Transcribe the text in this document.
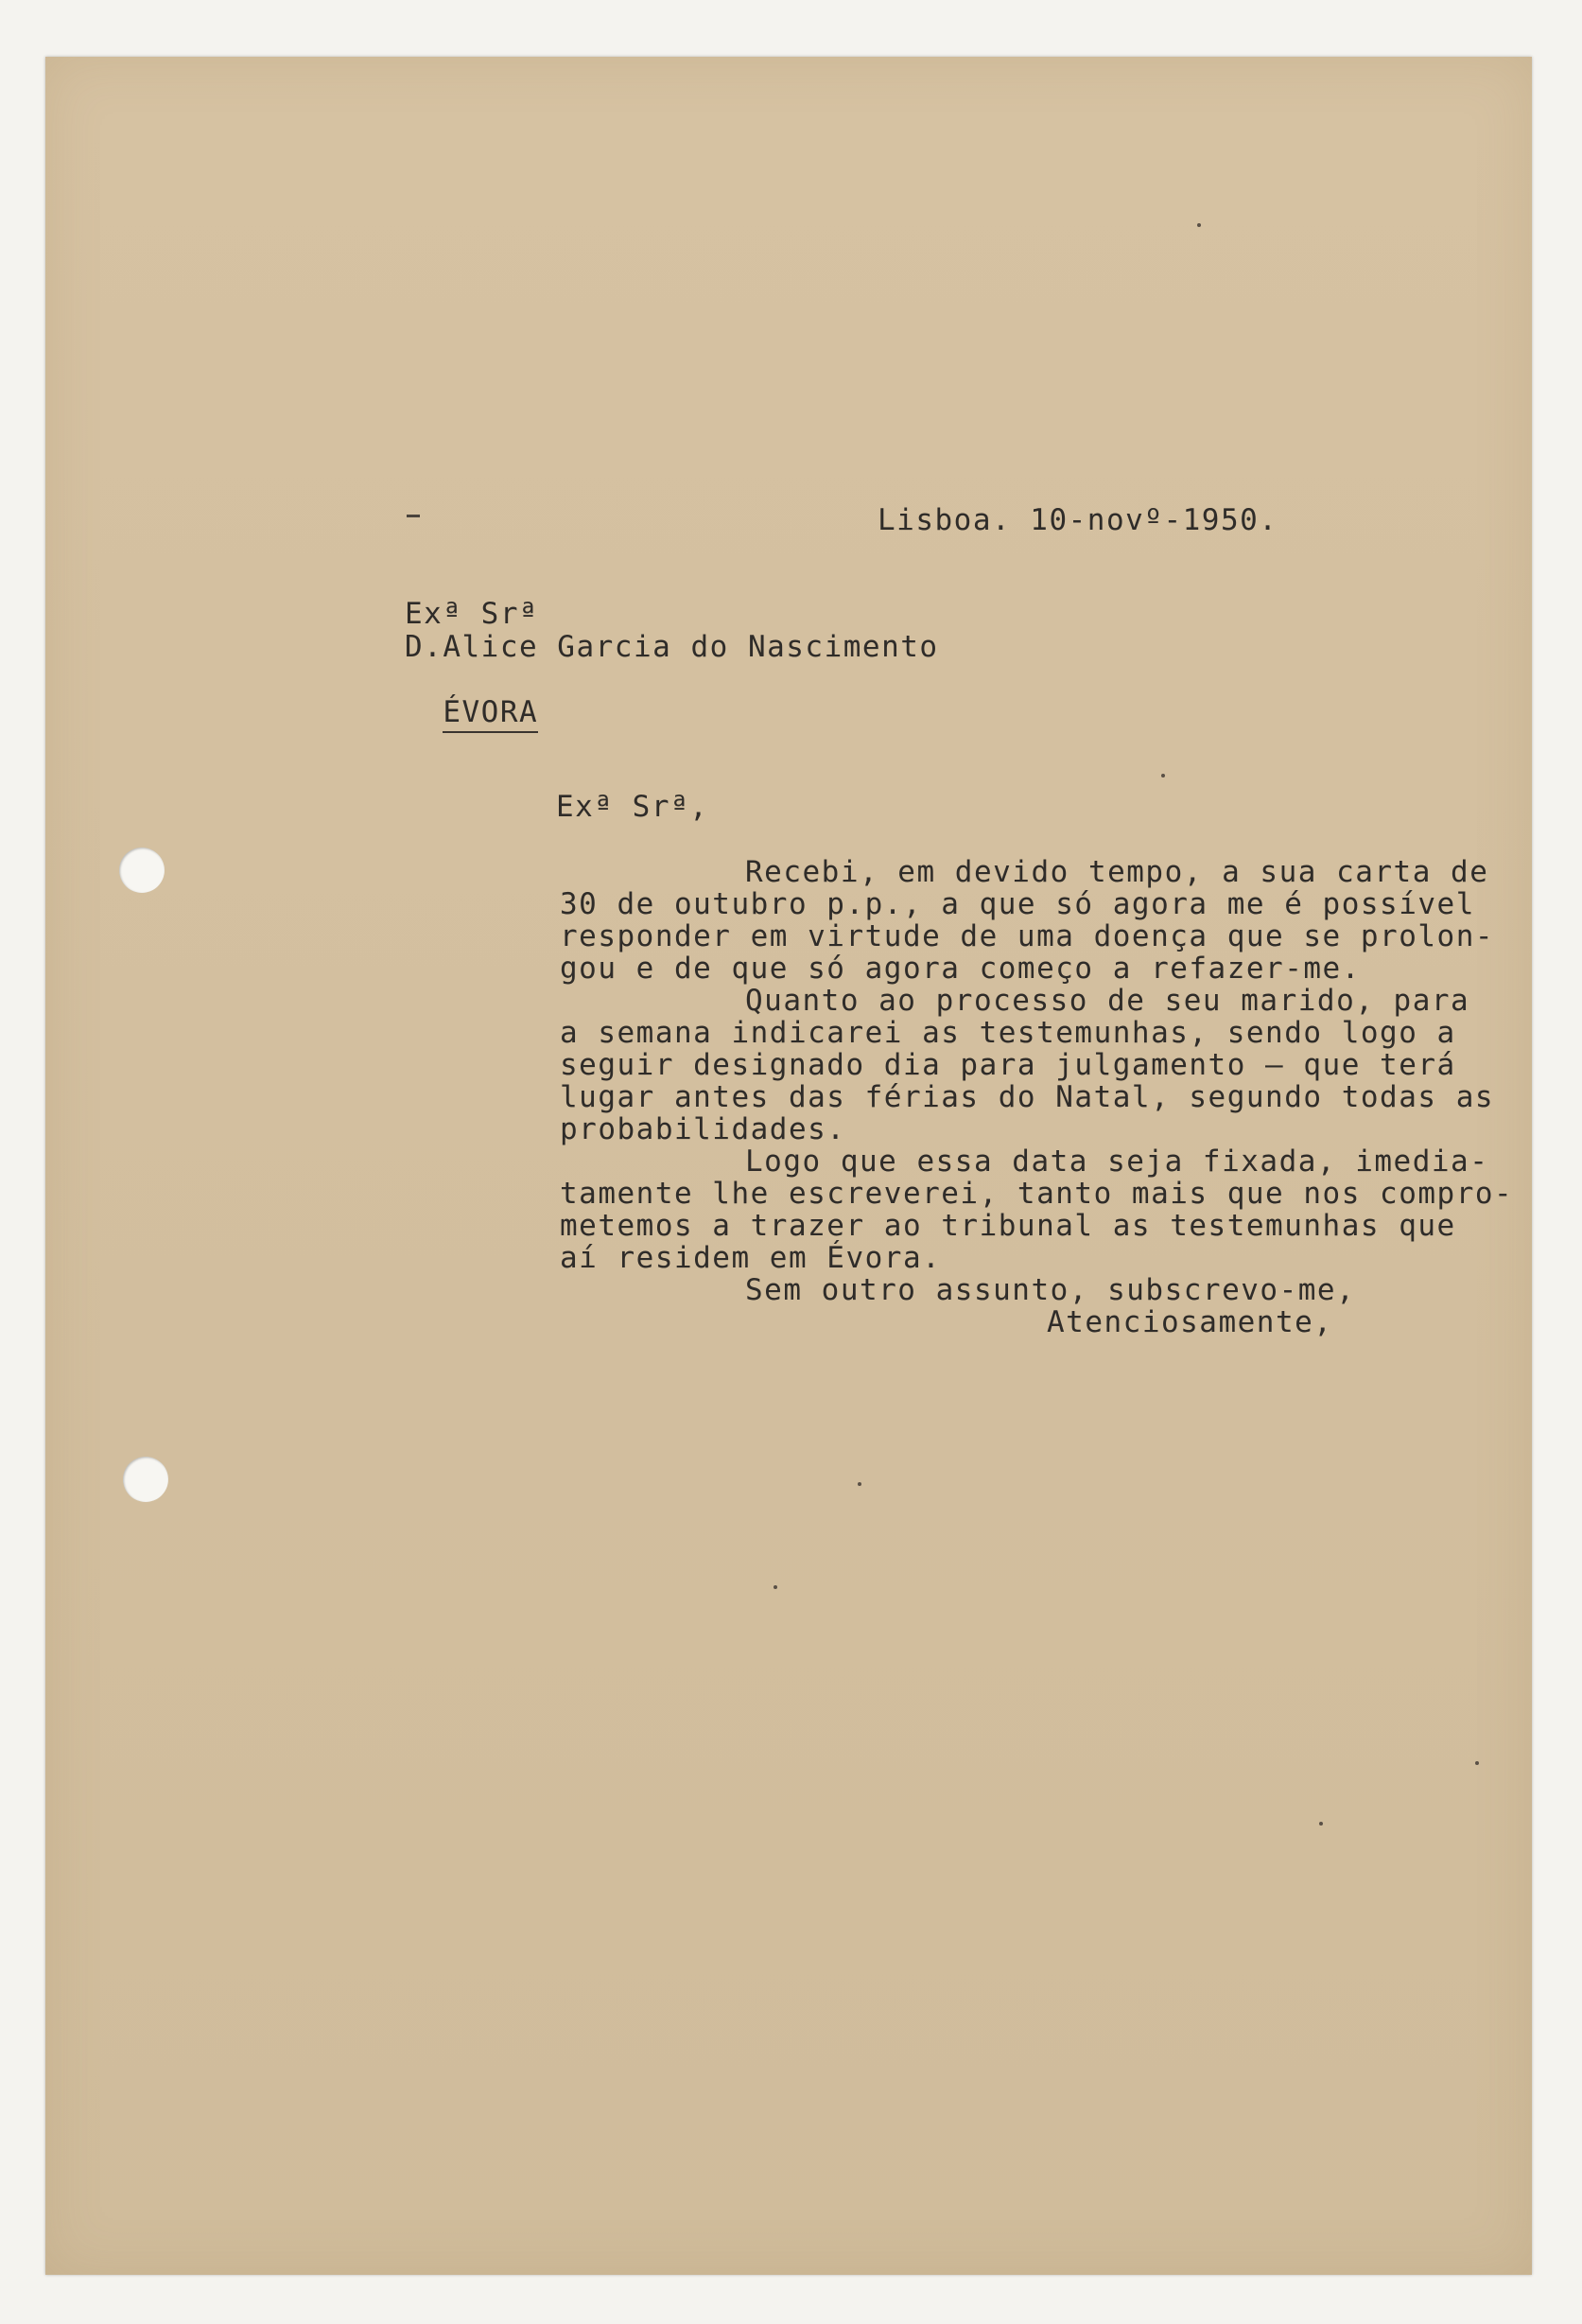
Lisboa. 10-novº-1950.
Exª Srª
D.Alice Garcia do Nascimento

ÉVORA

Exª Srª,
Recebi, em devido tempo, a sua carta de
30 de outubro p.p., a que só agora me é possível
responder em virtude de uma doença que se prolon-
gou e de que só agora começo a refazer-me.
Quanto ao processo de seu marido, para
a semana indicarei as testemunhas, sendo logo a
seguir designado dia para julgamento — que terá
lugar antes das férias do Natal, segundo todas as
probabilidades.
Logo que essa data seja fixada, imedia-
tamente lhe escreverei, tanto mais que nos compro-
metemos a trazer ao tribunal as testemunhas que
aí residem em Évora.
Sem outro assunto, subscrevo-me,
Atenciosamente,
